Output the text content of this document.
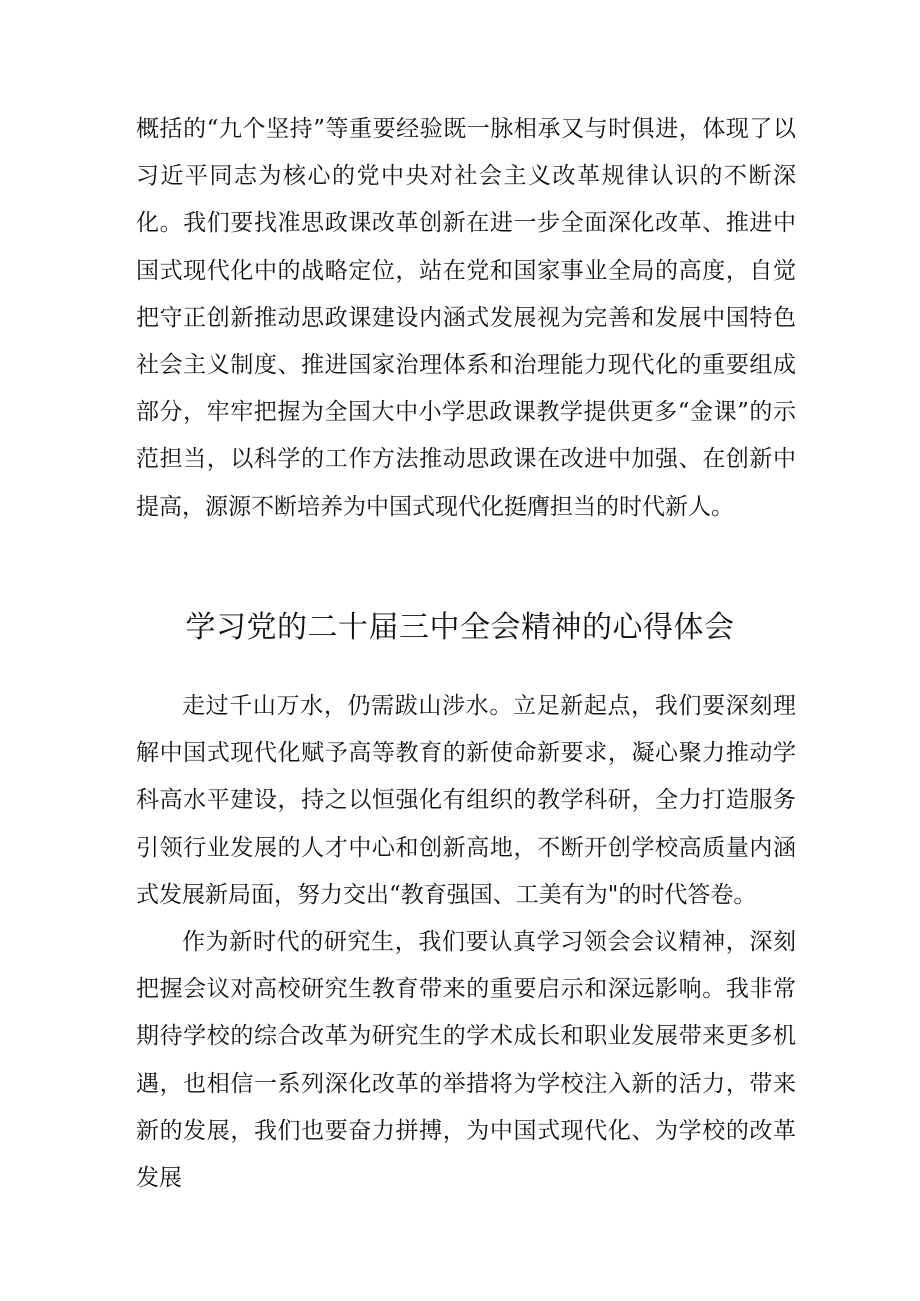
概括的“九个坚持”等重要经验既一脉相承又与时俱进，体现了以习近平同志为核心的党中央对社会主义改革规律认识的不断深化。我们要找准思政课改革创新在进一步全面深化改革、推进中国式现代化中的战略定位，站在党和国家事业全局的高度，自觉把守正创新推动思政课建设内涵式发展视为完善和发展中国特色社会主义制度、推进国家治理体系和治理能力现代化的重要组成部分，牢牢把握为全国大中小学思政课教学提供更多“金课”的示范担当，以科学的工作方法推动思政课在改进中加强、在创新中提高，源源不断培养为中国式现代化挺膺担当的时代新人。

学习党的二十届三中全会精神的心得体会

走过千山万水，仍需跋山涉水。立足新起点，我们要深刻理解中国式现代化赋予高等教育的新使命新要求，凝心聚力推动学科高水平建设，持之以恒强化有组织的教学科研，全力打造服务引领行业发展的人才中心和创新高地，不断开创学校高质量内涵式发展新局面，努力交出“教育强国、工美有为"的时代答卷。

作为新时代的研究生，我们要认真学习领会会议精神，深刻把握会议对高校研究生教育带来的重要启示和深远影响。我非常期待学校的综合改革为研究生的学术成长和职业发展带来更多机遇，也相信一系列深化改革的举措将为学校注入新的活力，带来新的发展，我们也要奋力拼搏，为中国式现代化、为学校的改革发展
